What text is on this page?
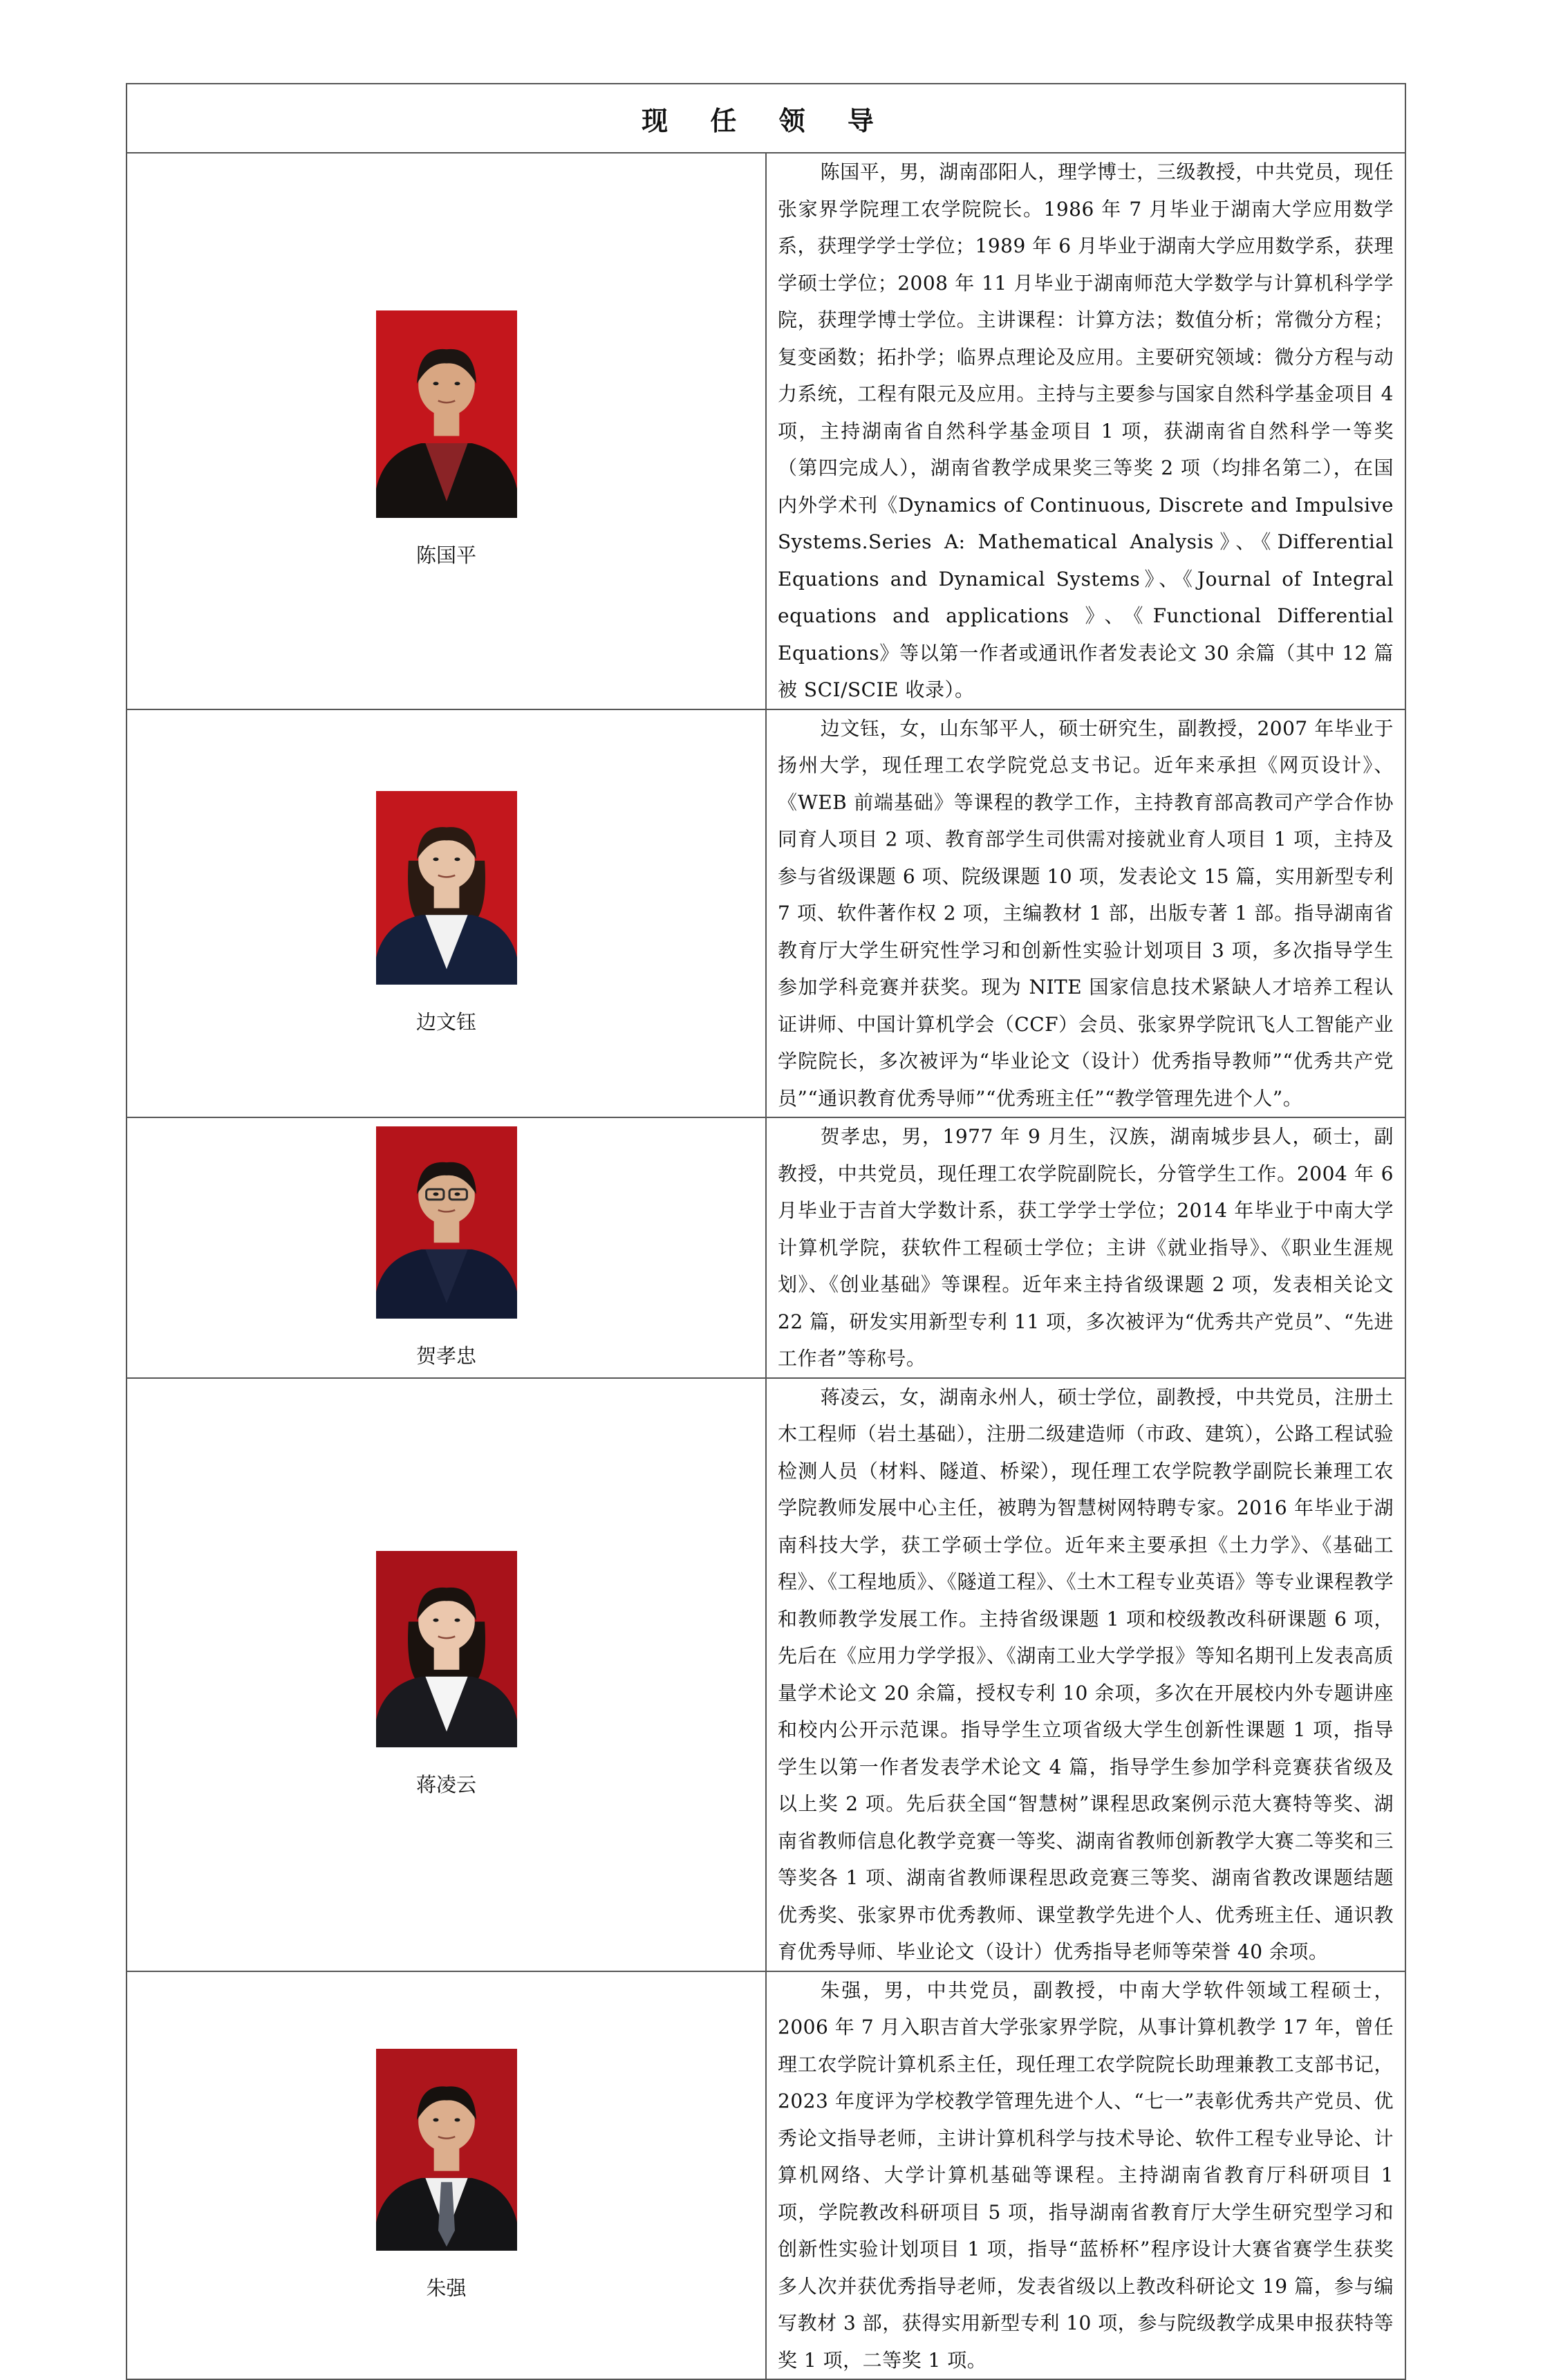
现 任 领 导	

陈国平	陈国平，男，湖南邵阳人，理学博士，三级教授，中共党员，现任张家界学院理工农学院院长。1986 年 7 月毕业于湖南大学应用数学系，获理学学士学位；1989 年 6 月毕业于湖南大学应用数学系，获理学硕士学位；2008 年 11 月毕业于湖南师范大学数学与计算机科学学院，获理学博士学位。主讲课程：计算方法；数值分析；常微分方程；复变函数；拓扑学；临界点理论及应用。主要研究领域：微分方程与动力系统，工程有限元及应用。主持与主要参与国家自然科学基金项目 4 项，主持湖南省自然科学基金项目 1 项，获湖南省自然科学一等奖（第四完成人），湖南省教学成果奖三等奖 2 项（均排名第二），在国内外学术刊《Dynamics of Continuous, Discrete and Impulsive Systems.Series A: Mathematical Analysis》、《Differential Equations and Dynamical Systems》、《Journal of Integral equations and applications 》、《Functional Differential Equations》等以第一作者或通讯作者发表论文 30 余篇（其中 12 篇被 SCI/SCIE 收录）。

边文钰	边文钰，女，山东邹平人，硕士研究生，副教授，2007 年毕业于扬州大学，现任理工农学院党总支书记。近年来承担《网页设计》、《WEB 前端基础》等课程的教学工作，主持教育部高教司产学合作协同育人项目 2 项、教育部学生司供需对接就业育人项目 1 项，主持及参与省级课题 6 项、院级课题 10 项，发表论文 15 篇，实用新型专利 7 项、软件著作权 2 项，主编教材 1 部，出版专著 1 部。指导湖南省教育厅大学生研究性学习和创新性实验计划项目 3 项，多次指导学生参加学科竞赛并获奖。现为 NITE 国家信息技术紧缺人才培养工程认证讲师、中国计算机学会（CCF）会员、张家界学院讯飞人工智能产业学院院长，多次被评为“毕业论文（设计）优秀指导教师”“优秀共产党员”“通识教育优秀导师”“优秀班主任”“教学管理先进个人”。

贺孝忠	贺孝忠，男，1977 年 9 月生，汉族，湖南城步县人，硕士，副教授，中共党员，现任理工农学院副院长，分管学生工作。2004 年 6 月毕业于吉首大学数计系，获工学学士学位；2014 年毕业于中南大学计算机学院，获软件工程硕士学位；主讲《就业指导》、《职业生涯规划》、《创业基础》等课程。近年来主持省级课题 2 项，发表相关论文 22 篇，研发实用新型专利 11 项，多次被评为“优秀共产党员”、“先进工作者”等称号。

蒋凌云	蒋凌云，女，湖南永州人，硕士学位，副教授，中共党员，注册土木工程师（岩土基础），注册二级建造师（市政、建筑），公路工程试验检测人员（材料、隧道、桥梁），现任理工农学院教学副院长兼理工农学院教师发展中心主任，被聘为智慧树网特聘专家。2016 年毕业于湖南科技大学，获工学硕士学位。近年来主要承担《土力学》、《基础工程》、《工程地质》、《隧道工程》、《土木工程专业英语》等专业课程教学和教师教学发展工作。主持省级课题 1 项和校级教改科研课题 6 项，先后在《应用力学学报》、《湖南工业大学学报》等知名期刊上发表高质量学术论文 20 余篇，授权专利 10 余项，多次在开展校内外专题讲座和校内公开示范课。指导学生立项省级大学生创新性课题 1 项，指导学生以第一作者发表学术论文 4 篇，指导学生参加学科竞赛获省级及以上奖 2 项。先后获全国“智慧树”课程思政案例示范大赛特等奖、湖南省教师信息化教学竞赛一等奖、湖南省教师创新教学大赛二等奖和三等奖各 1 项、湖南省教师课程思政竞赛三等奖、湖南省教改课题结题优秀奖、张家界市优秀教师、课堂教学先进个人、优秀班主任、通识教育优秀导师、毕业论文（设计）优秀指导老师等荣誉 40 余项。

朱强	朱强，男，中共党员，副教授，中南大学软件领域工程硕士，2006 年 7 月入职吉首大学张家界学院，从事计算机教学 17 年，曾任理工农学院计算机系主任，现任理工农学院院长助理兼教工支部书记，2023 年度评为学校教学管理先进个人、“七一”表彰优秀共产党员、优秀论文指导老师，主讲计算机科学与技术导论、软件工程专业导论、计算机网络、大学计算机基础等课程。主持湖南省教育厅科研项目 1 项，学院教改科研项目 5 项，指导湖南省教育厅大学生研究型学习和创新性实验计划项目 1 项，指导“蓝桥杯”程序设计大赛省赛学生获奖多人次并获优秀指导老师，发表省级以上教改科研论文 19 篇，参与编写教材 3 部，获得实用新型专利 10 项，参与院级教学成果申报获特等奖 1 项，二等奖 1 项。
